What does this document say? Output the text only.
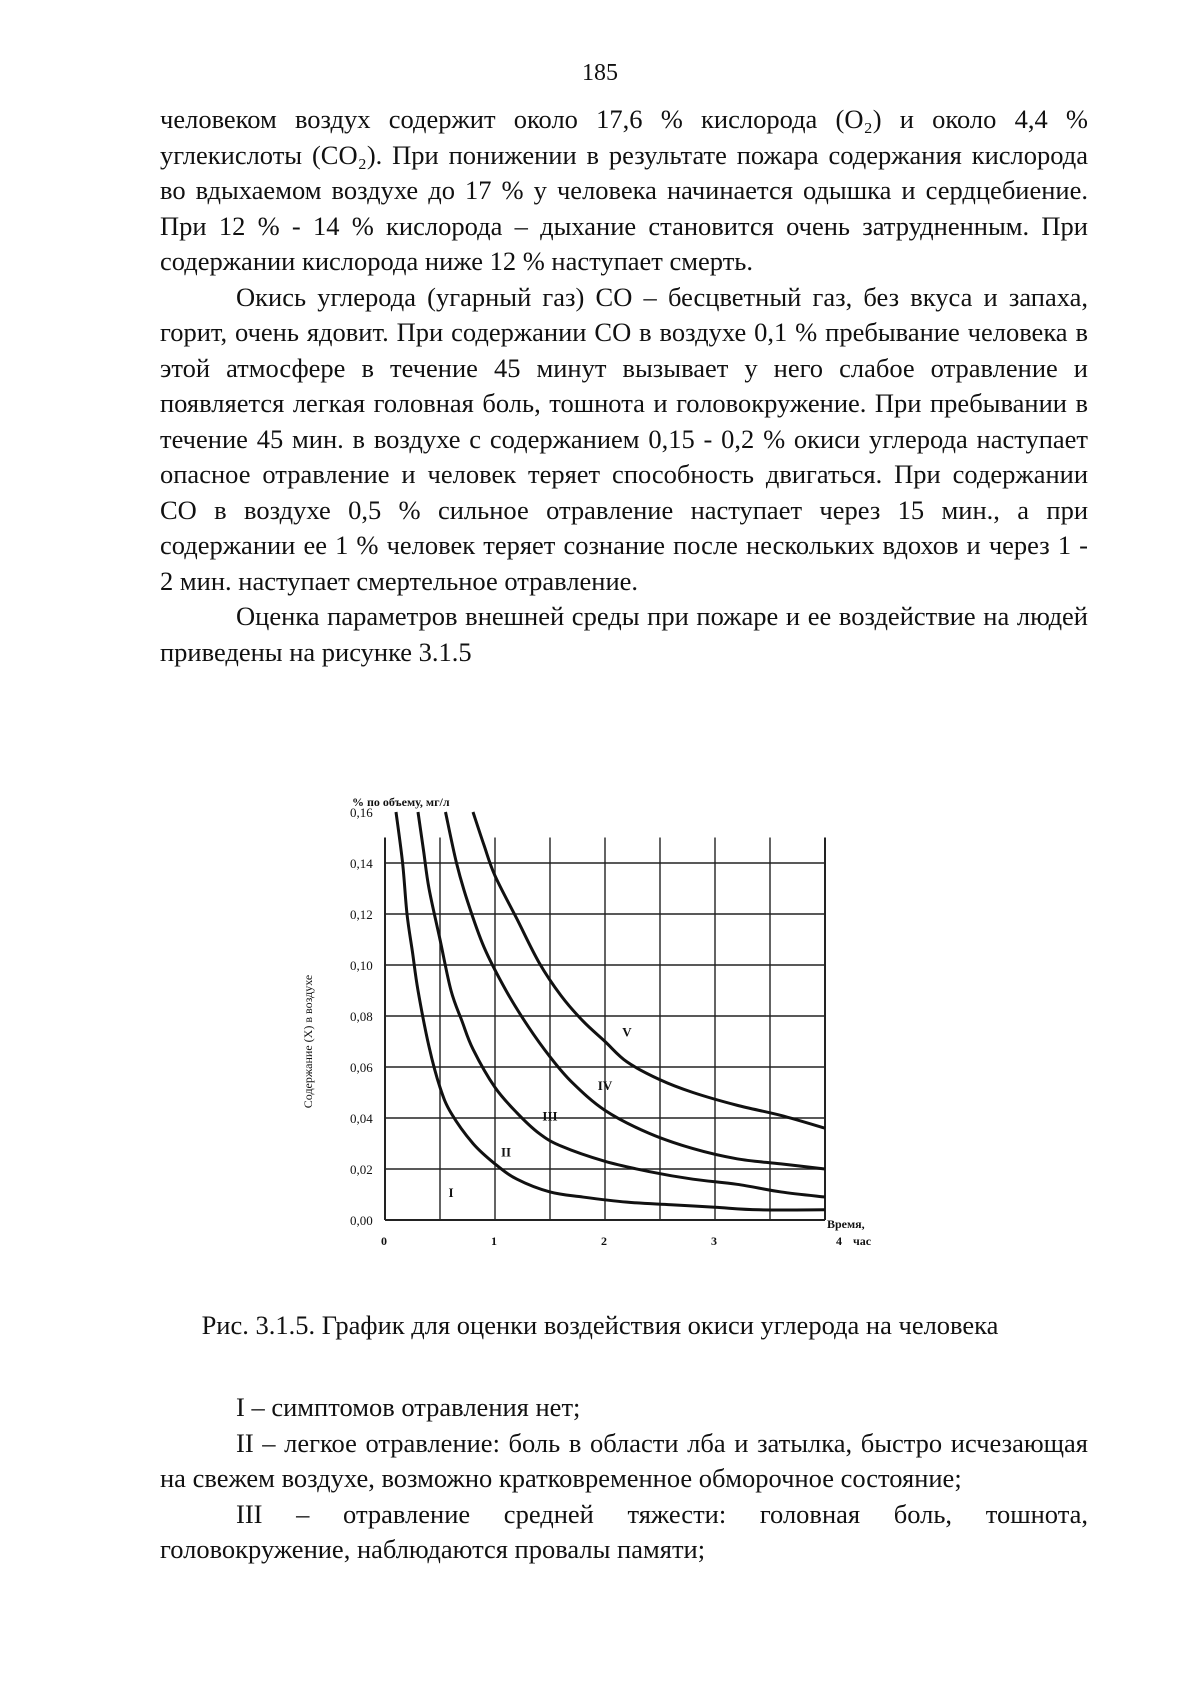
185

человеком воздух содержит около 17,6 % кислорода (O₂) и около 4,4 % углекислоты (CO₂). При понижении в результате пожара содержания кислорода во вдыхаемом воздухе до 17 % у человека начинается одышка и сердцебиение. При 12 % - 14 % кислорода – дыхание становится очень затрудненным. При содержании кислорода ниже 12 % наступает смерть.

Окись углерода (угарный газ) CO – бесцветный газ, без вкуса и запаха, горит, очень ядовит. При содержании CO в воздухе 0,1 % пребывание человека в этой атмосфере в течение 45 минут вызывает у него слабое отравление и появляется легкая головная боль, тошнота и головокружение. При пребывании в течение 45 мин. в воздухе с содержанием 0,15 - 0,2 % окиси углерода наступает опасное отравление и человек теряет способность двигаться. При содержании CO в воздухе 0,5 % сильное отравление наступает через 15 мин., а при содержании ее 1 % человек теряет сознание после нескольких вдохов и через 1 - 2 мин. наступает смертельное отравление.

Оценка параметров внешней среды при пожаре и ее воздействие на людей приведены на рисунке 3.1.5

0,00
0,02
0,04
0,06
0,08
0,10
0,12
0,14
0,16
0	1	2	3	4
% по объему, мг/л
Содержание (X) в воздухе
Время,
час
I
II
III
IV
V
Рис. 3.1.5. График для оценки воздействия окиси углерода на человека

I – симптомов отравления нет;

II – легкое отравление: боль в области лба и затылка, быстро исчезающая на свежем воздухе, возможно кратковременное обморочное состояние;

III – отравление средней тяжести: головная боль, тошнота, головокружение, наблюдаются провалы памяти;
